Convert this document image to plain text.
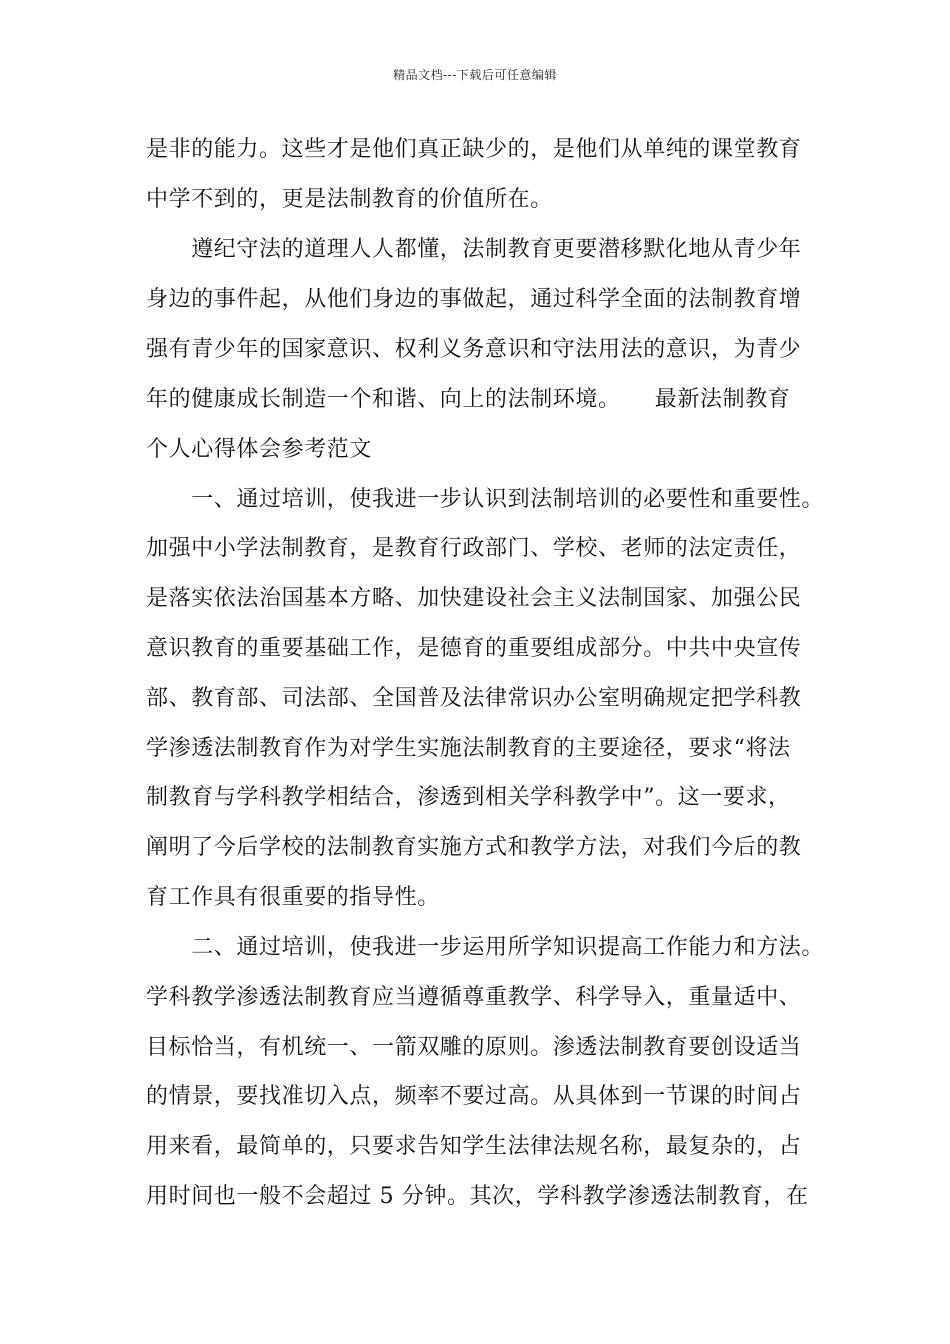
精品文档---下载后可任意编辑
是非的能力。这些才是他们真正缺少的，是他们从单纯的课堂教育
中学不到的，更是法制教育的价值所在。
　　遵纪守法的道理人人都懂，法制教育更要潜移默化地从青少年
身边的事件起，从他们身边的事做起，通过科学全面的法制教育增
强有青少年的国家意识、权利义务意识和守法用法的意识，为青少
年的健康成长制造一个和谐、向上的法制环境。　　最新法制教育
个人心得体会参考范文
　　一、通过培训，使我进一步认识到法制培训的必要性和重要性。
加强中小学法制教育，是教育行政部门、学校、老师的法定责任，
是落实依法治国基本方略、加快建设社会主义法制国家、加强公民
意识教育的重要基础工作，是德育的重要组成部分。中共中央宣传
部、教育部、司法部、全国普及法律常识办公室明确规定把学科教
学渗透法制教育作为对学生实施法制教育的主要途径，要求“将法
制教育与学科教学相结合，渗透到相关学科教学中”。这一要求，
阐明了今后学校的法制教育实施方式和教学方法，对我们今后的教
育工作具有很重要的指导性。
　　二、通过培训，使我进一步运用所学知识提高工作能力和方法。
学科教学渗透法制教育应当遵循尊重教学、科学导入，重量适中、
目标恰当，有机统一、一箭双雕的原则。渗透法制教育要创设适当
的情景，要找准切入点，频率不要过高。从具体到一节课的时间占
用来看，最简单的，只要求告知学生法律法规名称，最复杂的，占
用时间也一般不会超过 5 分钟。其次，学科教学渗透法制教育，在
